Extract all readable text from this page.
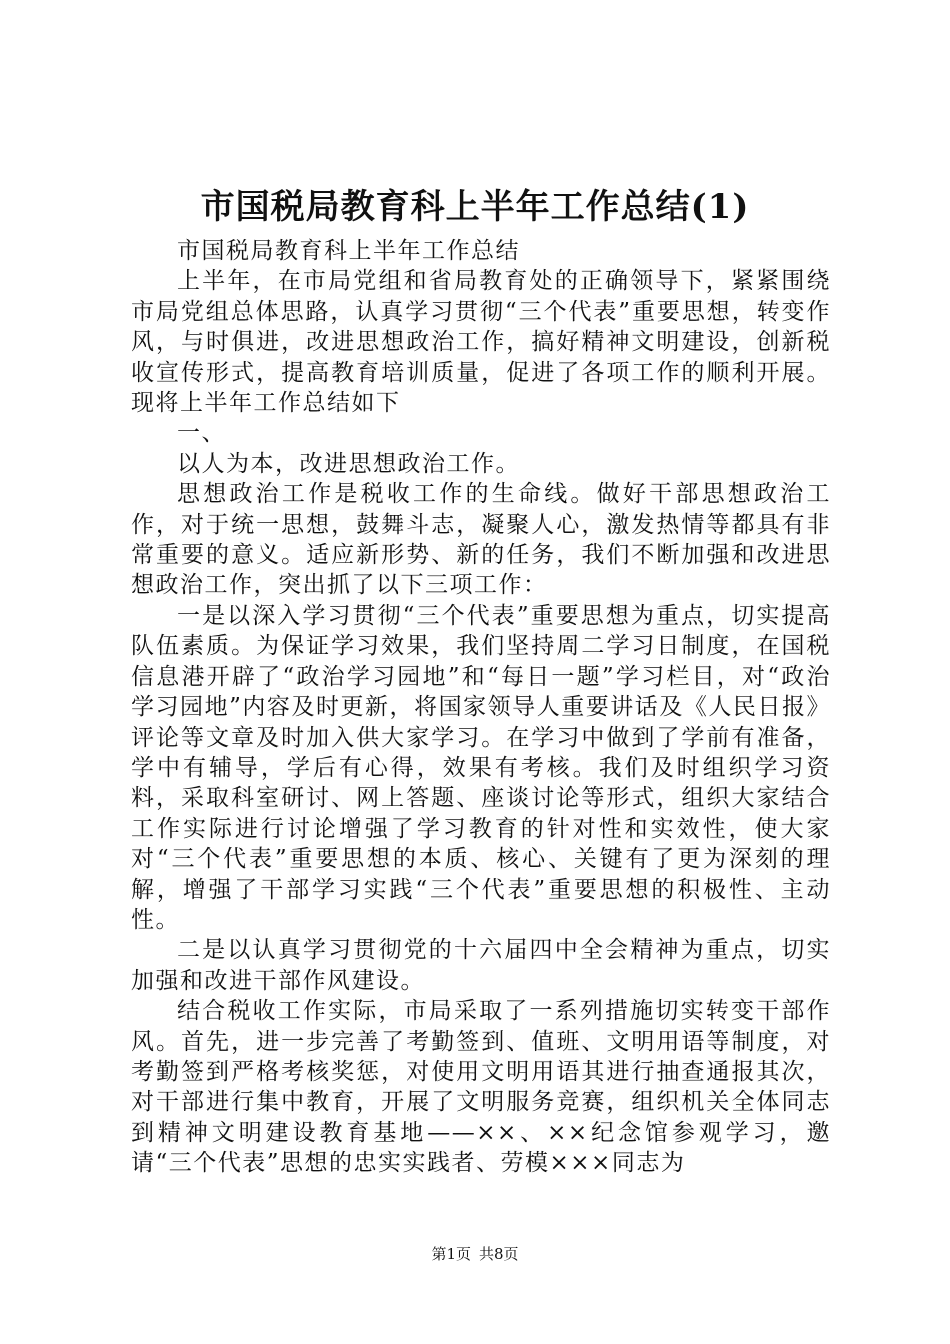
市国税局教育科上半年工作总结(1)

市国税局教育科上半年工作总结

上半年，在市局党组和省局教育处的正确领导下，紧紧围绕市局党组总体思路，认真学习贯彻“三个代表”重要思想，转变作风，与时俱进，改进思想政治工作，搞好精神文明建设，创新税收宣传形式，提高教育培训质量，促进了各项工作的顺利开展。现将上半年工作总结如下

一、

以人为本，改进思想政治工作。

思想政治工作是税收工作的生命线。做好干部思想政治工作，对于统一思想，鼓舞斗志，凝聚人心，激发热情等都具有非常重要的意义。适应新形势、新的任务，我们不断加强和改进思想政治工作，突出抓了以下三项工作：

一是以深入学习贯彻“三个代表”重要思想为重点，切实提高队伍素质。为保证学习效果，我们坚持周二学习日制度，在国税信息港开辟了“政治学习园地”和“每日一题”学习栏目，对“政治学习园地”内容及时更新，将国家领导人重要讲话及《人民日报》评论等文章及时加入供大家学习。在学习中做到了学前有准备，学中有辅导，学后有心得，效果有考核。我们及时组织学习资料，采取科室研讨、网上答题、座谈讨论等形式，组织大家结合工作实际进行讨论增强了学习教育的针对性和实效性，使大家对“三个代表”重要思想的本质、核心、关键有了更为深刻的理解，增强了干部学习实践“三个代表”重要思想的积极性、主动性。

二是以认真学习贯彻党的十六届四中全会精神为重点，切实加强和改进干部作风建设。

结合税收工作实际，市局采取了一系列措施切实转变干部作风。首先，进一步完善了考勤签到、值班、文明用语等制度，对考勤签到严格考核奖惩，对使用文明用语其进行抽查通报其次，对干部进行集中教育，开展了文明服务竞赛，组织机关全体同志到精神文明建设教育基地——××、××纪念馆参观学习，邀请“三个代表”思想的忠实实践者、劳模×××同志为

第1页 共8页
